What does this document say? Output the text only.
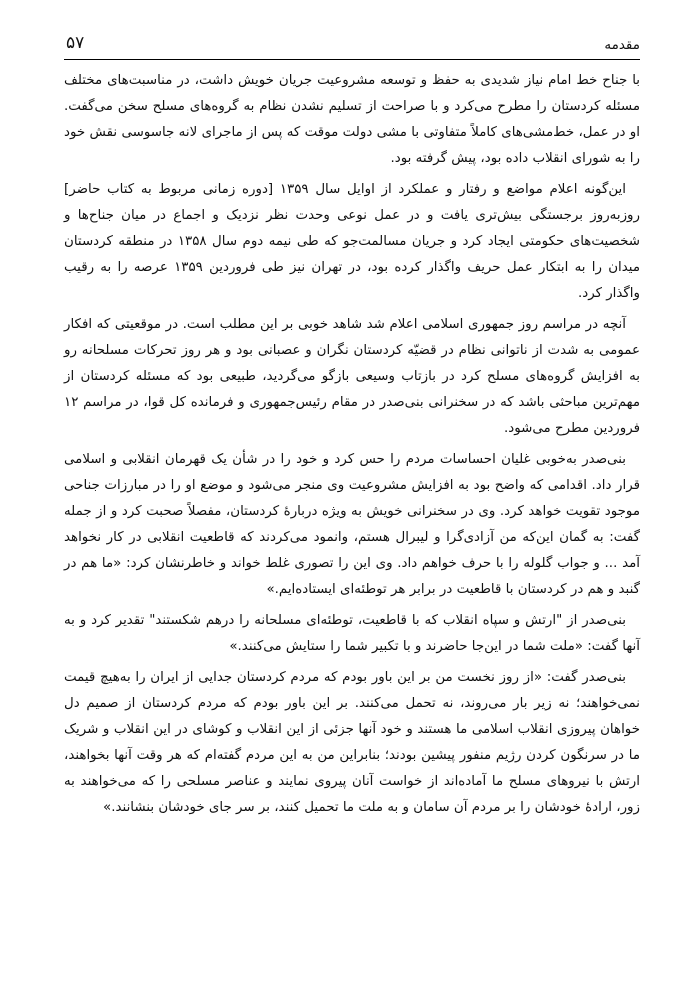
مقدمه
۵۷

با جناح خط امام نیاز شدیدی به حفظ و توسعه مشروعیت جریان خویش داشت، در مناسبت‌های مختلف مسئله کردستان را مطرح می‌کرد و با صراحت از تسلیم نشدن نظام به گروه‌های مسلح سخن می‌گفت. او در عمل، خط‌مشی‌های کاملاً متفاوتی با مشی دولت موقت که پس از ماجرای لانه جاسوسی نقش خود را به شورای انقلاب داده بود، پیش گرفته بود.

این‌گونه اعلام مواضع و رفتار و عملکرد از اوایل سال ۱۳۵۹ [دوره زمانی مربوط به کتاب حاضر] روزبه‌روز برجستگی بیش‌تری یافت و در عمل نوعی وحدت نظر نزدیک و اجماع در میان جناح‌ها و شخصیت‌های حکومتی ایجاد کرد و جریان مسالمت‌جو که طی نیمه دوم سال ۱۳۵۸ در منطقه کردستان میدان را به ابتکار عمل حریف واگذار کرده بود، در تهران نیز طی فروردین ۱۳۵۹ عرصه را به رقیب واگذار کرد.

آنچه در مراسم روز جمهوری اسلامی اعلام شد شاهد خوبی بر این مطلب است. در موقعیتی که افکار عمومی به شدت از ناتوانی نظام در قضیّه کردستان نگران و عصبانی بود و هر روز تحرکات مسلحانه رو به افزایش گروه‌های مسلح کرد در بازتاب وسیعی بازگو می‌گردید، طبیعی بود که مسئله کردستان از مهم‌ترین مباحثی باشد که در سخنرانی بنی‌صدر در مقام رئیس‌جمهوری و فرمانده کل قوا، در مراسم ۱۲ فروردین مطرح می‌شود.

بنی‌صدر به‌خوبی غلیان احساسات مردم را حس کرد و خود را در شأن یک قهرمان انقلابی و اسلامی قرار داد. اقدامی که واضح بود به افزایش مشروعیت وی منجر می‌شود و موضع او را در مبارزات جناحی موجود تقویت خواهد کرد. وی در سخنرانی خویش به ویژه دربارهٔ کردستان، مفصلاً صحبت کرد و از جمله گفت: به گمان این‌که من آزادی‌گرا و لیبرال هستم، وانمود می‌کردند که قاطعیت انقلابی در کار نخواهد آمد ... و جواب گلوله را با حرف خواهم داد. وی این را تصوری غلط خواند و خاطرنشان کرد: «ما هم در گنبد و هم در کردستان با قاطعیت در برابر هر توطئه‌ای ایستاده‌ایم.»

بنی‌صدر از "ارتش و سپاه انقلاب که با قاطعیت، توطئه‌ای مسلحانه را درهم شکستند" تقدیر کرد و به آنها گفت: «ملت شما در این‌جا حاضرند و با تکبیر شما را ستایش می‌کنند.»

بنی‌صدر گفت: «از روز نخست من بر این باور بودم که مردم کردستان جدایی از ایران را به‌هیچ قیمت نمی‌خواهند؛ نه زیر بار می‌روند، نه تحمل می‌کنند. بر این باور بودم که مردم کردستان از صمیم دل خواهان پیروزی انقلاب اسلامی ما هستند و خود آنها جزئی از این انقلاب و کوشای در این انقلاب و شریک ما در سرنگون کردن رژیم منفور پیشین بودند؛ بنابراین من به این مردم گفته‌ام که هر وقت آنها بخواهند، ارتش با نیروهای مسلح ما آماده‌اند از خواست آنان پیروی نمایند و عناصر مسلحی را که می‌خواهند به زور، ارادهٔ خودشان را بر مردم آن سامان و به ملت ما تحمیل کنند، بر سر جای خودشان بنشانند.»
